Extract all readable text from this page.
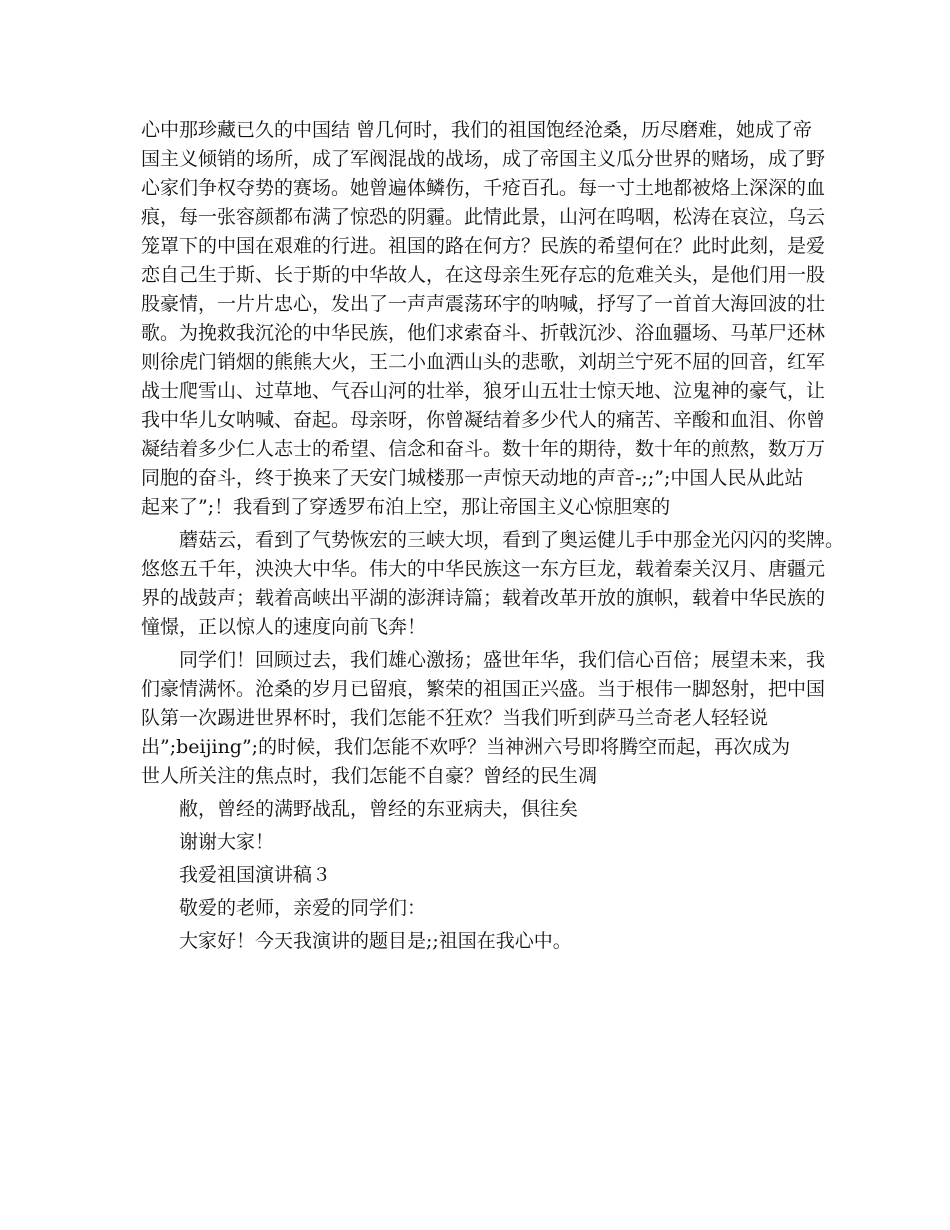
心中那珍藏已久的中国结 曾几何时，我们的祖国饱经沧桑，历尽磨难，她成了帝
国主义倾销的场所，成了军阀混战的战场，成了帝国主义瓜分世界的赌场，成了野
心家们争权夺势的赛场。她曾遍体鳞伤，千疮百孔。每一寸土地都被烙上深深的血
痕，每一张容颜都布满了惊恐的阴霾。此情此景，山河在呜咽，松涛在哀泣，乌云
笼罩下的中国在艰难的行进。祖国的路在何方？民族的希望何在？此时此刻，是爱
恋自己生于斯、长于斯的中华故人，在这母亲生死存忘的危难关头，是他们用一股
股豪情，一片片忠心，发出了一声声震荡环宇的呐喊，抒写了一首首大海回波的壮
歌。为挽救我沉沦的中华民族，他们求索奋斗、折戟沉沙、浴血疆场、马革尸还林
则徐虎门销烟的熊熊大火，王二小血洒山头的悲歌，刘胡兰宁死不屈的回音，红军
战士爬雪山、过草地、气吞山河的壮举，狼牙山五壮士惊天地、泣鬼神的豪气，让
我中华儿女呐喊、奋起。母亲呀，你曾凝结着多少代人的痛苦、辛酸和血泪、你曾
凝结着多少仁人志士的希望、信念和奋斗。数十年的期待，数十年的煎熬，数万万
同胞的奋斗，终于换来了天安门城楼那一声惊天动地的声音-;;”;中国人民从此站
起来了”;！我看到了穿透罗布泊上空，那让帝国主义心惊胆寒的
蘑菇云，看到了气势恢宏的三峡大坝，看到了奥运健儿手中那金光闪闪的奖牌。
悠悠五千年，泱泱大中华。伟大的中华民族这一东方巨龙，载着秦关汉月、唐疆元
界的战鼓声；载着高峡出平湖的澎湃诗篇；载着改革开放的旗帜，载着中华民族的
憧憬，正以惊人的速度向前飞奔！
同学们！回顾过去，我们雄心激扬；盛世年华，我们信心百倍；展望未来，我
们豪情满怀。沧桑的岁月已留痕，繁荣的祖国正兴盛。当于根伟一脚怒射，把中国
队第一次踢进世界杯时，我们怎能不狂欢？当我们听到萨马兰奇老人轻轻说
出”;beijing”;的时候，我们怎能不欢呼？当神洲六号即将腾空而起，再次成为
世人所关注的焦点时，我们怎能不自豪？曾经的民生凋
敝，曾经的满野战乱，曾经的东亚病夫，俱往矣
谢谢大家！
我爱祖国演讲稿３
敬爱的老师，亲爱的同学们：
大家好！今天我演讲的题目是;;祖国在我心中。
